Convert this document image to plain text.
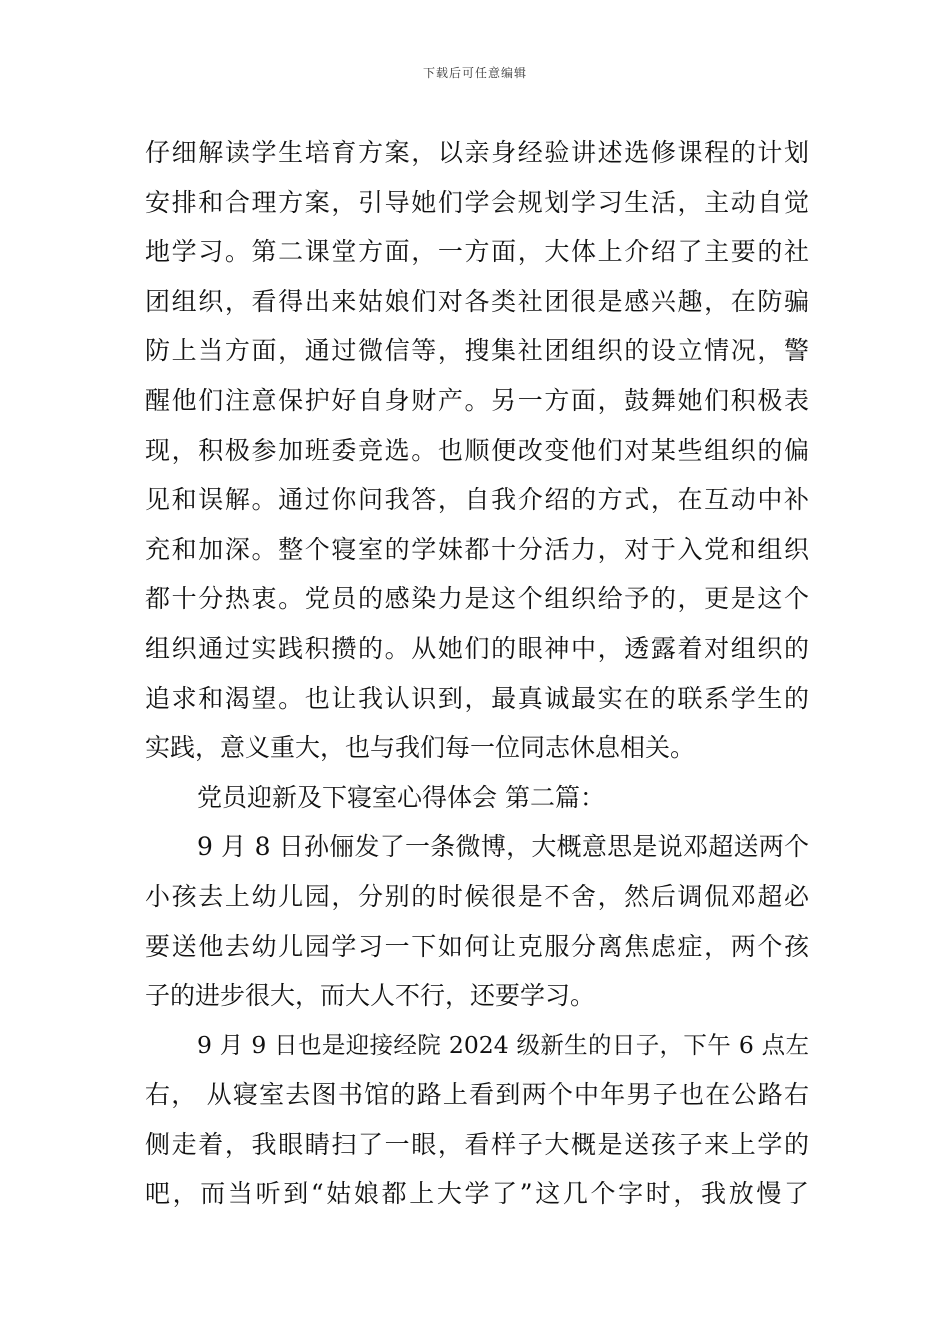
下载后可任意编辑
仔细解读学生培育方案，以亲身经验讲述选修课程的计划
安排和合理方案，引导她们学会规划学习生活，主动自觉
地学习。第二课堂方面，一方面，大体上介绍了主要的社
团组织，看得出来姑娘们对各类社团很是感兴趣，在防骗
防上当方面，通过微信等，搜集社团组织的设立情况，警
醒他们注意保护好自身财产。另一方面，鼓舞她们积极表
现，积极参加班委竞选。也顺便改变他们对某些组织的偏
见和误解。通过你问我答，自我介绍的方式，在互动中补
充和加深。整个寝室的学妹都十分活力，对于入党和组织
都十分热衷。党员的感染力是这个组织给予的，更是这个
组织通过实践积攒的。从她们的眼神中，透露着对组织的
追求和渴望。也让我认识到，最真诚最实在的联系学生的
实践，意义重大，也与我们每一位同志休息相关。
党员迎新及下寝室心得体会 第二篇：
9 月 8 日孙俪发了一条微博，大概意思是说邓超送两个
小孩去上幼儿园，分别的时候很是不舍，然后调侃邓超必
要送他去幼儿园学习一下如何让克服分离焦虑症，两个孩
子的进步很大，而大人不行，还要学习。
9 月 9 日也是迎接经院 2024 级新生的日子，下午 6 点左
右， 从寝室去图书馆的路上看到两个中年男子也在公路右
侧走着，我眼睛扫了一眼，看样子大概是送孩子来上学的
吧，而当听到“姑娘都上大学了”这几个字时，我放慢了
